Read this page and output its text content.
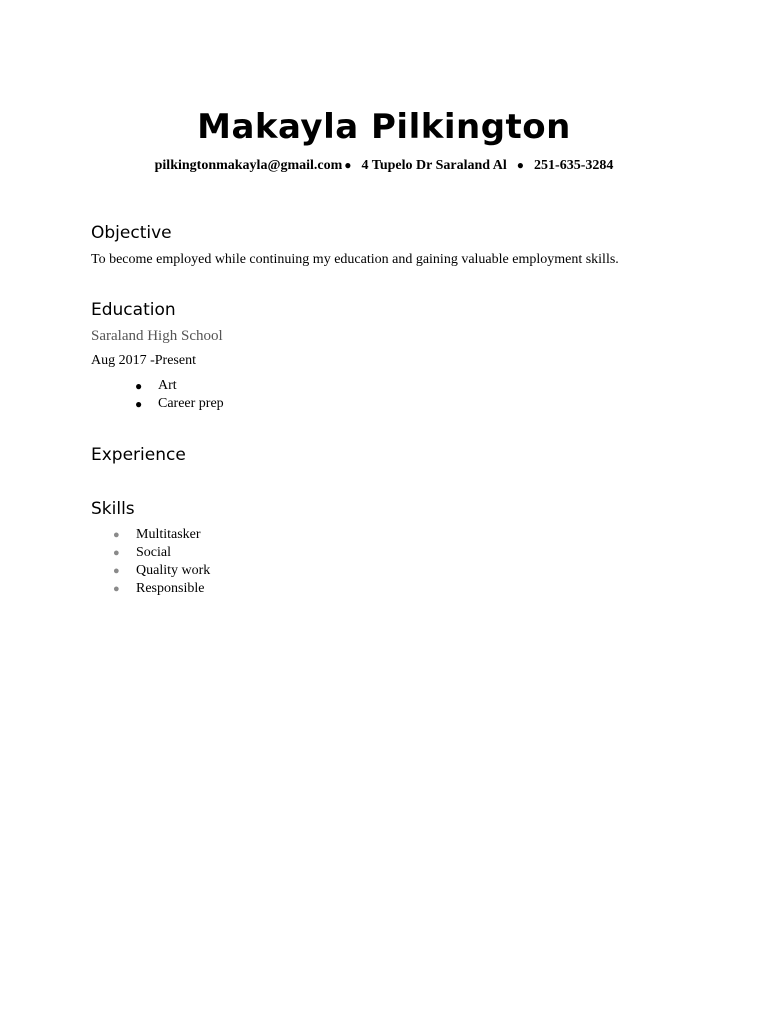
Makayla Pilkington
pilkingtonmakayla@gmail.com ● 4 Tupelo Dr Saraland Al ● 251-635-3284
Objective
To become employed while continuing my education and gaining valuable employment skills.
Education
Saraland High School
Aug 2017 -Present
● Art
● Career prep
Experience
Skills
● Multitasker
● Social
● Quality work
● Responsible
